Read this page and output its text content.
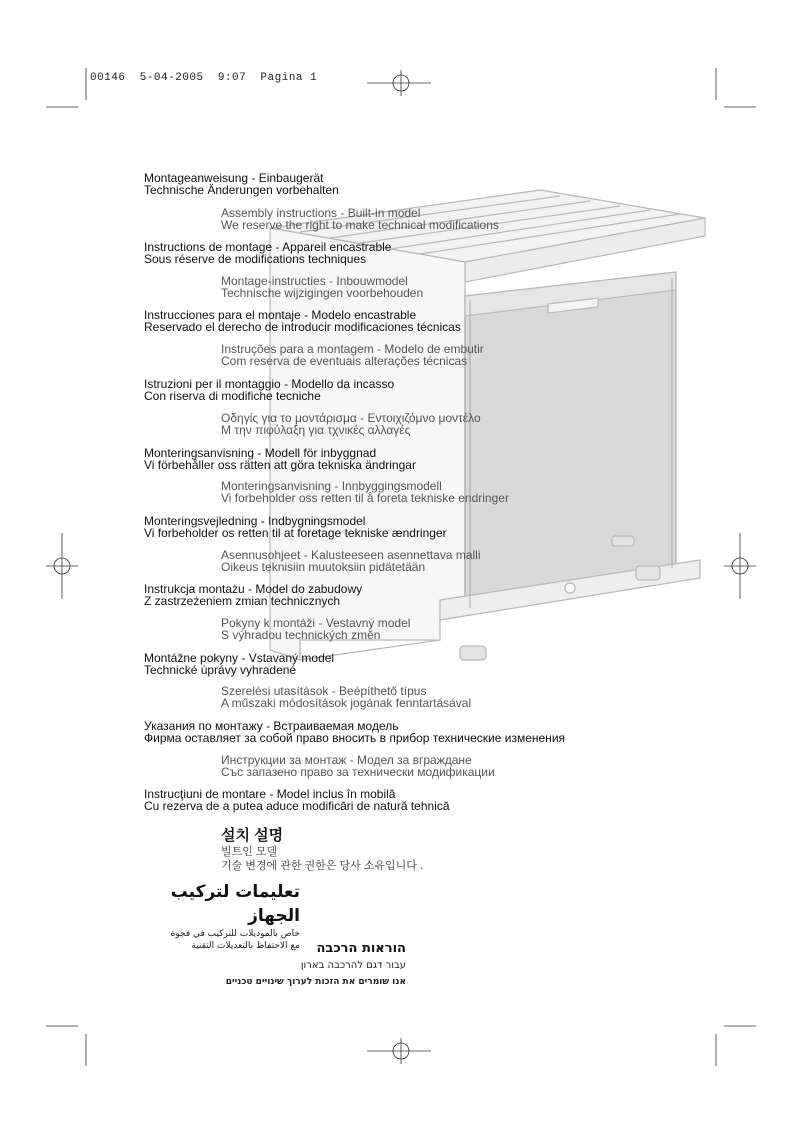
00146  5-04-2005  9:07  Pagina 1
Montageanweisung - Einbaugerät
Technische Änderungen vorbehalten
Assembly instructions - Built-in model
We reserve the right to make technical modifications
Instructions de montage - Appareil encastrable
Sous réserve de modifications techniques
Montage-instructies - Inbouwmodel
Technische wijzigingen voorbehouden
Instrucciones para el montaje - Modelo encastrable
Reservado el derecho de introducir modificaciones técnicas
Instruções para a montagem - Modelo de embutir
Com reserva de eventuais alterações técnicas
Istruzioni per il montaggio - Modello da incasso
Con riserva di modifiche tecniche
Οδηγίς για το μοντάρισμα - Εντοιχιζόμνο μοντέλο
Μ την πιφύλαξη για τχνικές αλλαγές
Monteringsanvisning - Modell för inbyggnad
Vi förbehåller oss rätten att göra tekniska ändringar
Monteringsanvisning - Innbyggingsmodell
Vi forbeholder oss retten til å foreta tekniske endringer
Monteringsvejledning - Indbygningsmodel
Vi forbeholder os retten til at foretage tekniske ændringer
Asennusohjeet - Kalusteeseen asennettava malli
Oikeus teknisiin muutoksiin pidätetään
Instrukcja montażu - Model do zabudowy
Z zastrzeżeniem zmian technicznych
Pokyny k montáži - Vestavný model
S výhradou technických změn
Montážne pokyny - Vstavaný model
Technické úprávy vyhradené
Szerelési utasítások - Beépíthető típus
A műszaki módosítások jogának fenntartásával
Указания по монтажу - Встраиваемая модель
Фирма оставляет за собой право вносить в прибор технические изменения
Инструкции за монтаж - Модел за вграждане
Със запазено право за технически модификации
Instrucţiuni de montare - Model inclus în mobilă
Cu rezerva de a putea aduce modificări de natură tehnică
설치 설명
빌트인 모델
기술 변경에 관한 권한은 당사 소유입니다 .
تعليمات لتركيب الجهاز
خاص بالموديلات للتركيب في فجوة
مع الاحتفاظ بالتعديلات التقنية	הוראות הרכבה
עבור דגם להרכבה בארון
אנו שומרים את הזכות לערוך שינויים טכניים
